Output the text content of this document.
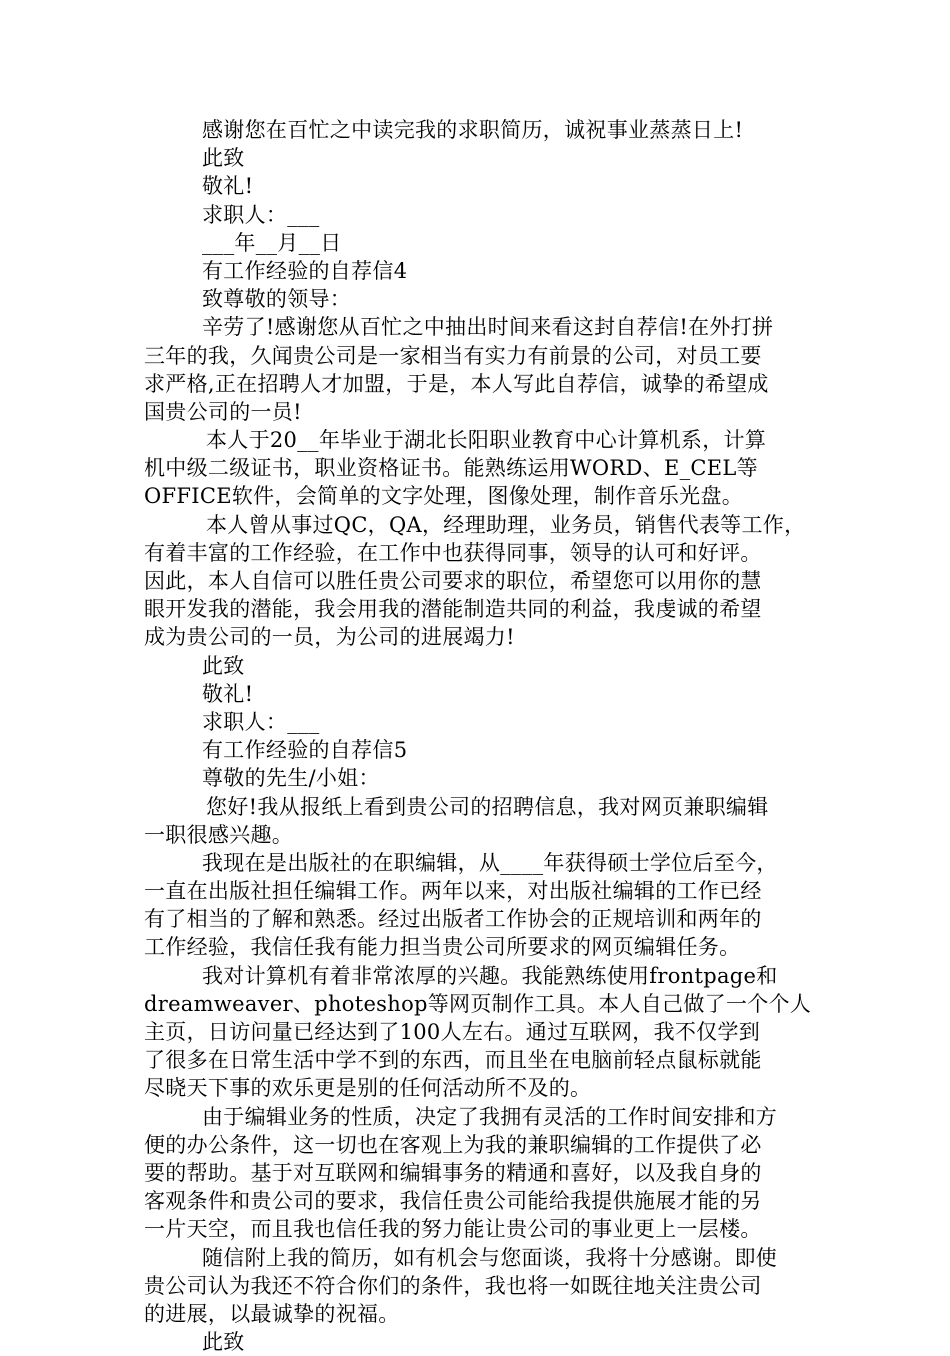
感谢您在百忙之中读完我的求职简历，诚祝事业蒸蒸日上!
此致
敬礼!
求职人：___
___年__月__日
有工作经验的自荐信4
致尊敬的领导：
辛劳了!感谢您从百忙之中抽出时间来看这封自荐信!在外打拼
三年的我，久闻贵公司是一家相当有实力有前景的公司，对员工要
求严格,正在招聘人才加盟，于是，本人写此自荐信，诚挚的希望成
国贵公司的一员!
本人于20__年毕业于湖北长阳职业教育中心计算机系，计算
机中级二级证书，职业资格证书。能熟练运用WORD、E_CEL等
OFFICE软件，会简单的文字处理，图像处理，制作音乐光盘。
本人曾从事过QC，QA，经理助理，业务员，销售代表等工作，
有着丰富的工作经验，在工作中也获得同事，领导的认可和好评。
因此，本人自信可以胜任贵公司要求的职位，希望您可以用你的慧
眼开发我的潜能，我会用我的潜能制造共同的利益，我虔诚的希望
成为贵公司的一员，为公司的进展竭力!
此致
敬礼!
求职人：___
有工作经验的自荐信5
尊敬的先生/小姐：
您好!我从报纸上看到贵公司的招聘信息，我对网页兼职编辑
一职很感兴趣。
我现在是出版社的在职编辑，从____年获得硕士学位后至今，
一直在出版社担任编辑工作。两年以来，对出版社编辑的工作已经
有了相当的了解和熟悉。经过出版者工作协会的正规培训和两年的
工作经验，我信任我有能力担当贵公司所要求的网页编辑任务。
我对计算机有着非常浓厚的兴趣。我能熟练使用frontpage和
dreamweaver、photeshop等网页制作工具。本人自己做了一个个人
主页，日访问量已经达到了100人左右。通过互联网，我不仅学到
了很多在日常生活中学不到的东西，而且坐在电脑前轻点鼠标就能
尽晓天下事的欢乐更是别的任何活动所不及的。
由于编辑业务的性质，决定了我拥有灵活的工作时间安排和方
便的办公条件，这一切也在客观上为我的兼职编辑的工作提供了必
要的帮助。基于对互联网和编辑事务的精通和喜好，以及我自身的
客观条件和贵公司的要求，我信任贵公司能给我提供施展才能的另
一片天空，而且我也信任我的努力能让贵公司的事业更上一层楼。
随信附上我的简历，如有机会与您面谈，我将十分感谢。即使
贵公司认为我还不符合你们的条件，我也将一如既往地关注贵公司
的进展，以最诚挚的祝福。
此致
